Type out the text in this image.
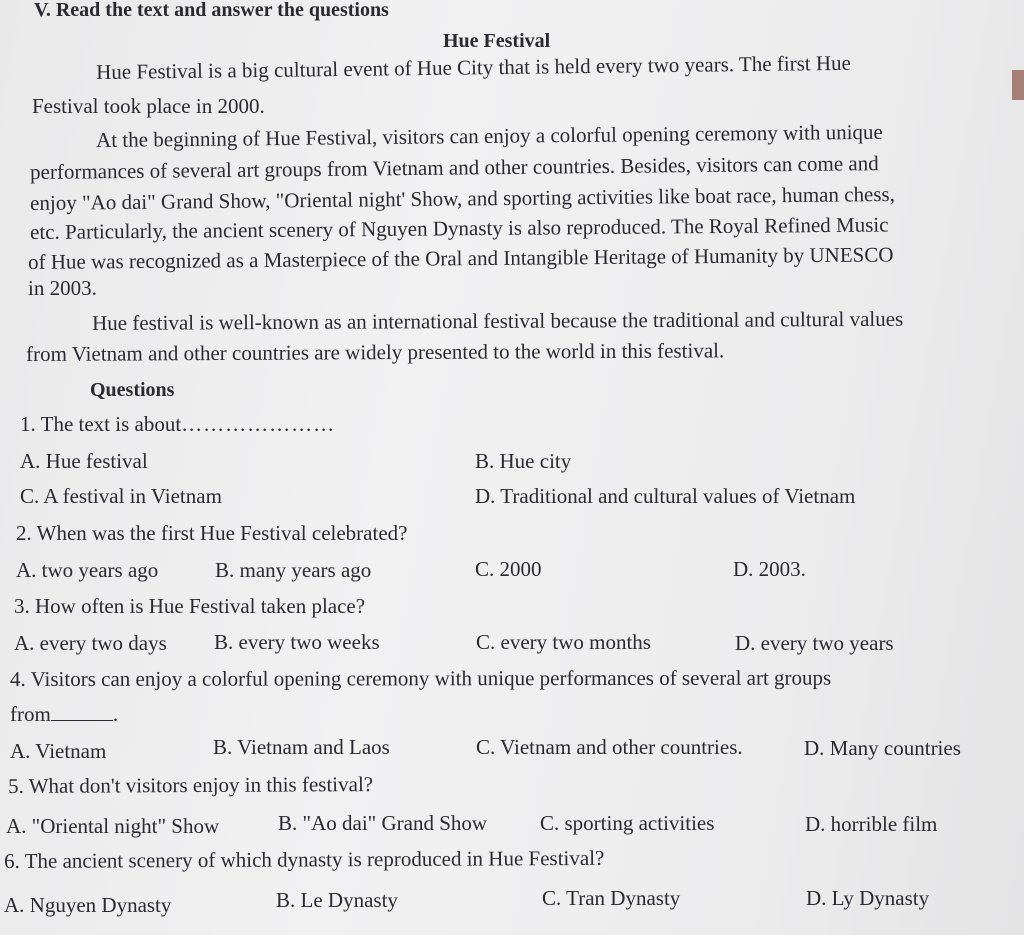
V. Read the text and answer the questions
Hue Festival
Hue Festival is a big cultural event of Hue City that is held every two years. The first Hue
Festival took place in 2000.
At the beginning of Hue Festival, visitors can enjoy a colorful opening ceremony with unique
performances of several art groups from Vietnam and other countries. Besides, visitors can come and
enjoy "Ao dai" Grand Show, "Oriental night' Show, and sporting activities like boat race, human chess,
etc. Particularly, the ancient scenery of Nguyen Dynasty is also reproduced. The Royal Refined Music
of Hue was recognized as a Masterpiece of the Oral and Intangible Heritage of Humanity by UNESCO
in 2003.
Hue festival is well-known as an international festival because the traditional and cultural values
from Vietnam and other countries are widely presented to the world in this festival.
Questions
1. The text is about…………………
A. Hue festival	B. Hue city
C. A festival in Vietnam	D. Traditional and cultural values of Vietnam
2. When was the first Hue Festival celebrated?
A. two years ago	B. many years ago	C. 2000	D. 2003.
3. How often is Hue Festival taken place?
A. every two days B. every two weeks	C. every two months	D. every two years
4. Visitors can enjoy a colorful opening ceremony with unique performances of several art groups
from	.
A. Vietnam	B. Vietnam and Laos	C. Vietnam and other countries.	D. Many countries
5. What don't visitors enjoy in this festival?
A. "Oriental night" Show	B. "Ao dai" Grand Show	C. sporting activities	D. horrible film
6. The ancient scenery of which dynasty is reproduced in Hue Festival?
A. Nguyen Dynasty	B. Le Dynasty	C. Tran Dynasty	D. Ly Dynasty
